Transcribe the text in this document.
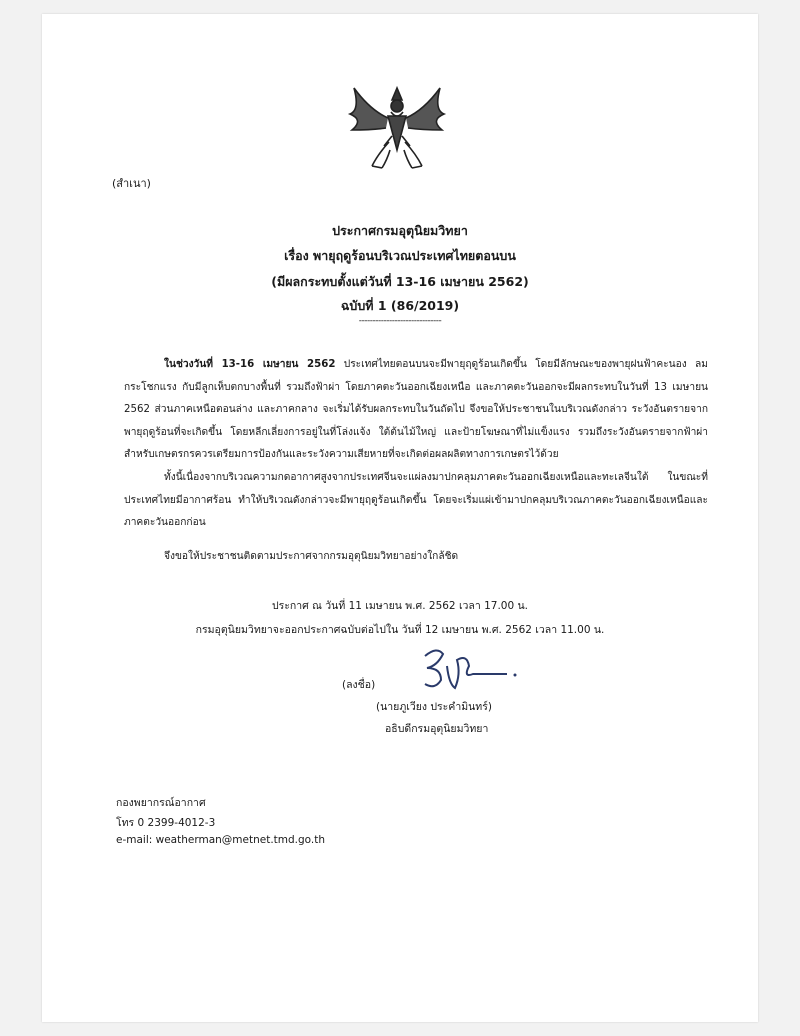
(สำเนา)
ประกาศกรมอุตุนิยมวิทยา
เรื่อง พายุฤดูร้อนบริเวณประเทศไทยตอนบน
(มีผลกระทบตั้งแต่วันที่ 13-16 เมษายน 2562)
ฉบับที่ 1 (86/2019)
------------------------------
ในช่วงวันที่ 13-16 เมษายน 2562 ประเทศไทยตอนบนจะมีพายุฤดูร้อนเกิดขึ้น โดยมีลักษณะของพายุฝนฟ้าคะนอง ลมกระโชกแรง กับมีลูกเห็บตกบางพื้นที่ รวมถึงฟ้าผ่า โดยภาคตะวันออกเฉียงเหนือ และภาคตะวันออกจะมีผลกระทบในวันที่ 13 เมษายน 2562 ส่วนภาคเหนือตอนล่าง และภาคกลาง จะเริ่มได้รับผลกระทบในวันถัดไป จึงขอให้ประชาชนในบริเวณดังกล่าว ระวังอันตรายจากพายุฤดูร้อนที่จะเกิดขึ้น โดยหลีกเลี่ยงการอยู่ในที่โล่งแจ้ง ใต้ต้นไม้ใหญ่ และป้ายโฆษณาที่ไม่แข็งแรง รวมถึงระวังอันตรายจากฟ้าผ่า สำหรับเกษตรกรควรเตรียมการป้องกันและระวังความเสียหายที่จะเกิดต่อผลผลิตทางการเกษตรไว้ด้วย
ทั้งนี้เนื่องจากบริเวณความกดอากาศสูงจากประเทศจีนจะแผ่ลงมาปกคลุมภาคตะวันออกเฉียงเหนือและทะเลจีนใต้ ในขณะที่ประเทศไทยมีอากาศร้อน ทำให้บริเวณดังกล่าวจะมีพายุฤดูร้อนเกิดขึ้น โดยจะเริ่มแผ่เข้ามาปกคลุมบริเวณภาคตะวันออกเฉียงเหนือและภาคตะวันออกก่อน
จึงขอให้ประชาชนติดตามประกาศจากกรมอุตุนิยมวิทยาอย่างใกล้ชิด
ประกาศ ณ วันที่ 11 เมษายน พ.ศ. 2562 เวลา 17.00 น.
กรมอุตุนิยมวิทยาจะออกประกาศฉบับต่อไปใน วันที่ 12 เมษายน พ.ศ. 2562 เวลา 11.00 น.
(ลงชื่อ)
(นายภูเวียง ประคำมินทร์)
อธิบดีกรมอุตุนิยมวิทยา
กองพยากรณ์อากาศ
โทร 0 2399-4012-3
e-mail: weatherman@metnet.tmd.go.th
